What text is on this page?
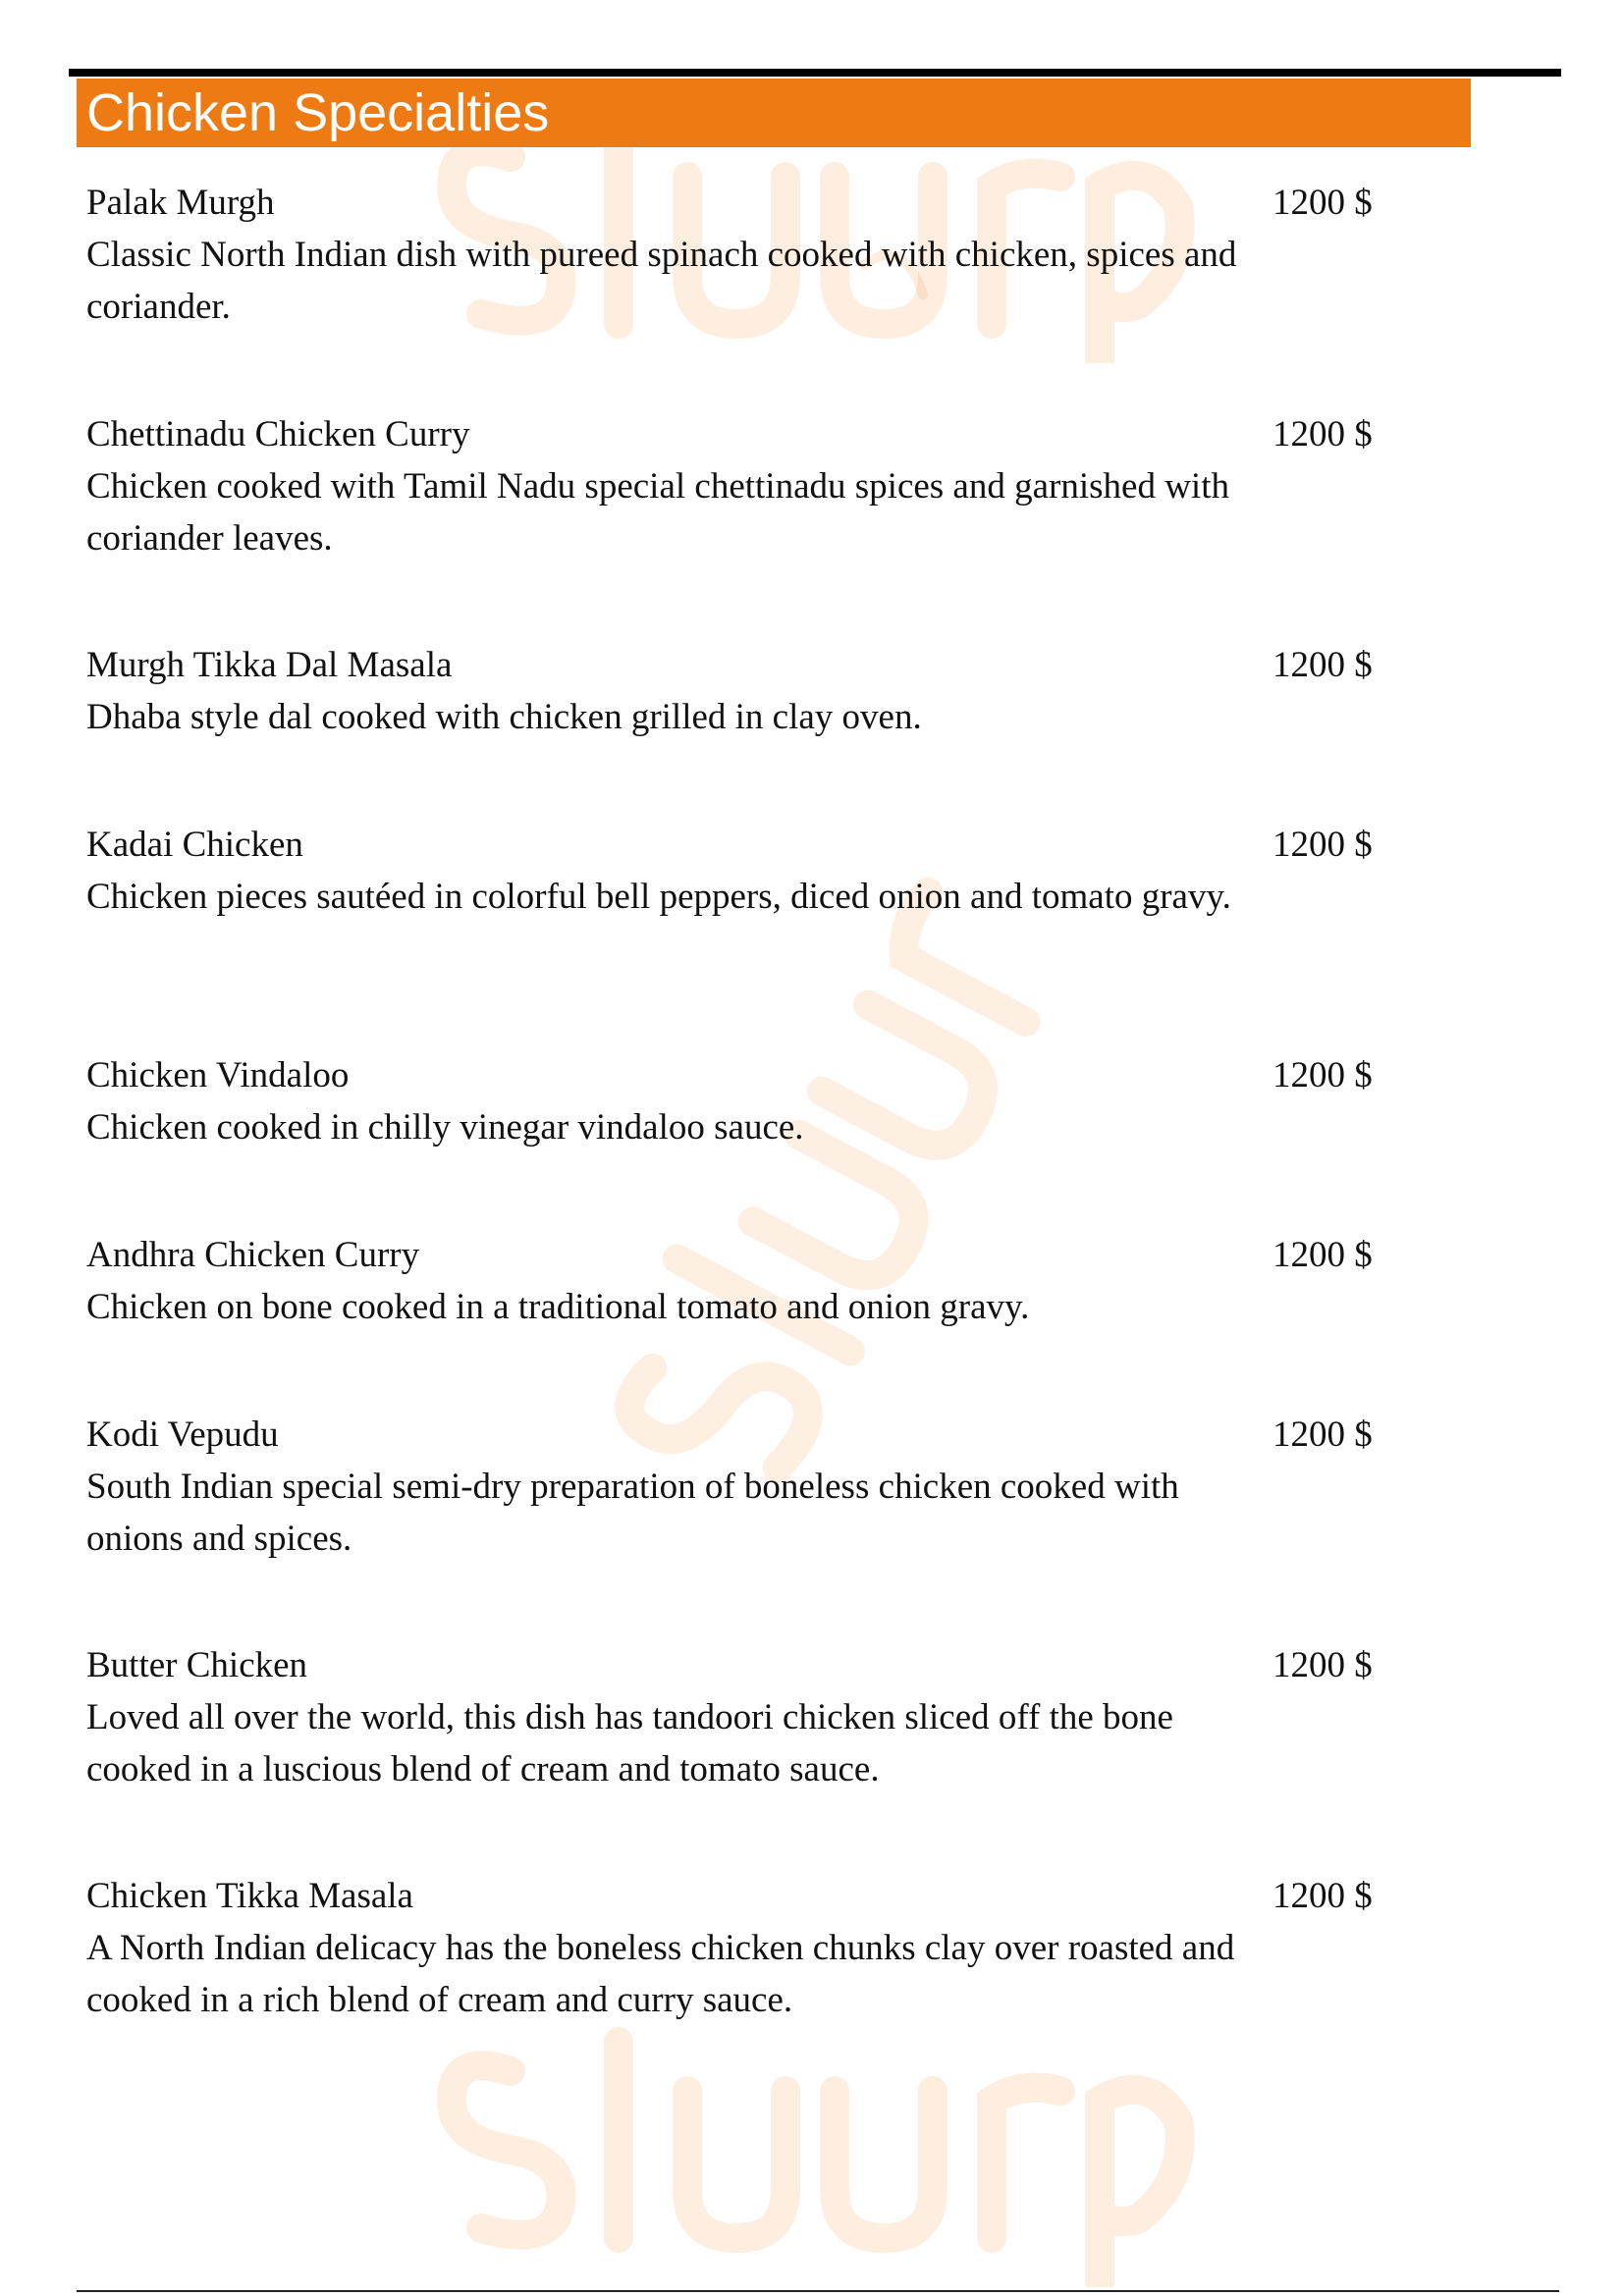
Chicken Specialties
Palak Murgh
Classic North Indian dish with pureed spinach cooked with chicken, spices and coriander.
1200 $
Chettinadu Chicken Curry
Chicken cooked with Tamil Nadu special chettinadu spices and garnished with coriander leaves.
1200 $
Murgh Tikka Dal Masala
Dhaba style dal cooked with chicken grilled in clay oven.
1200 $
Kadai Chicken
Chicken pieces sautéed in colorful bell peppers, diced onion and tomato gravy.
1200 $
Chicken Vindaloo
Chicken cooked in chilly vinegar vindaloo sauce.
1200 $
Andhra Chicken Curry
Chicken on bone cooked in a traditional tomato and onion gravy.
1200 $
Kodi Vepudu
South Indian special semi-dry preparation of boneless chicken cooked with onions and spices.
1200 $
Butter Chicken
Loved all over the world, this dish has tandoori chicken sliced off the bone cooked in a luscious blend of cream and tomato sauce.
1200 $
Chicken Tikka Masala
A North Indian delicacy has the boneless chicken chunks clay over roasted and cooked in a rich blend of cream and curry sauce.
1200 $
